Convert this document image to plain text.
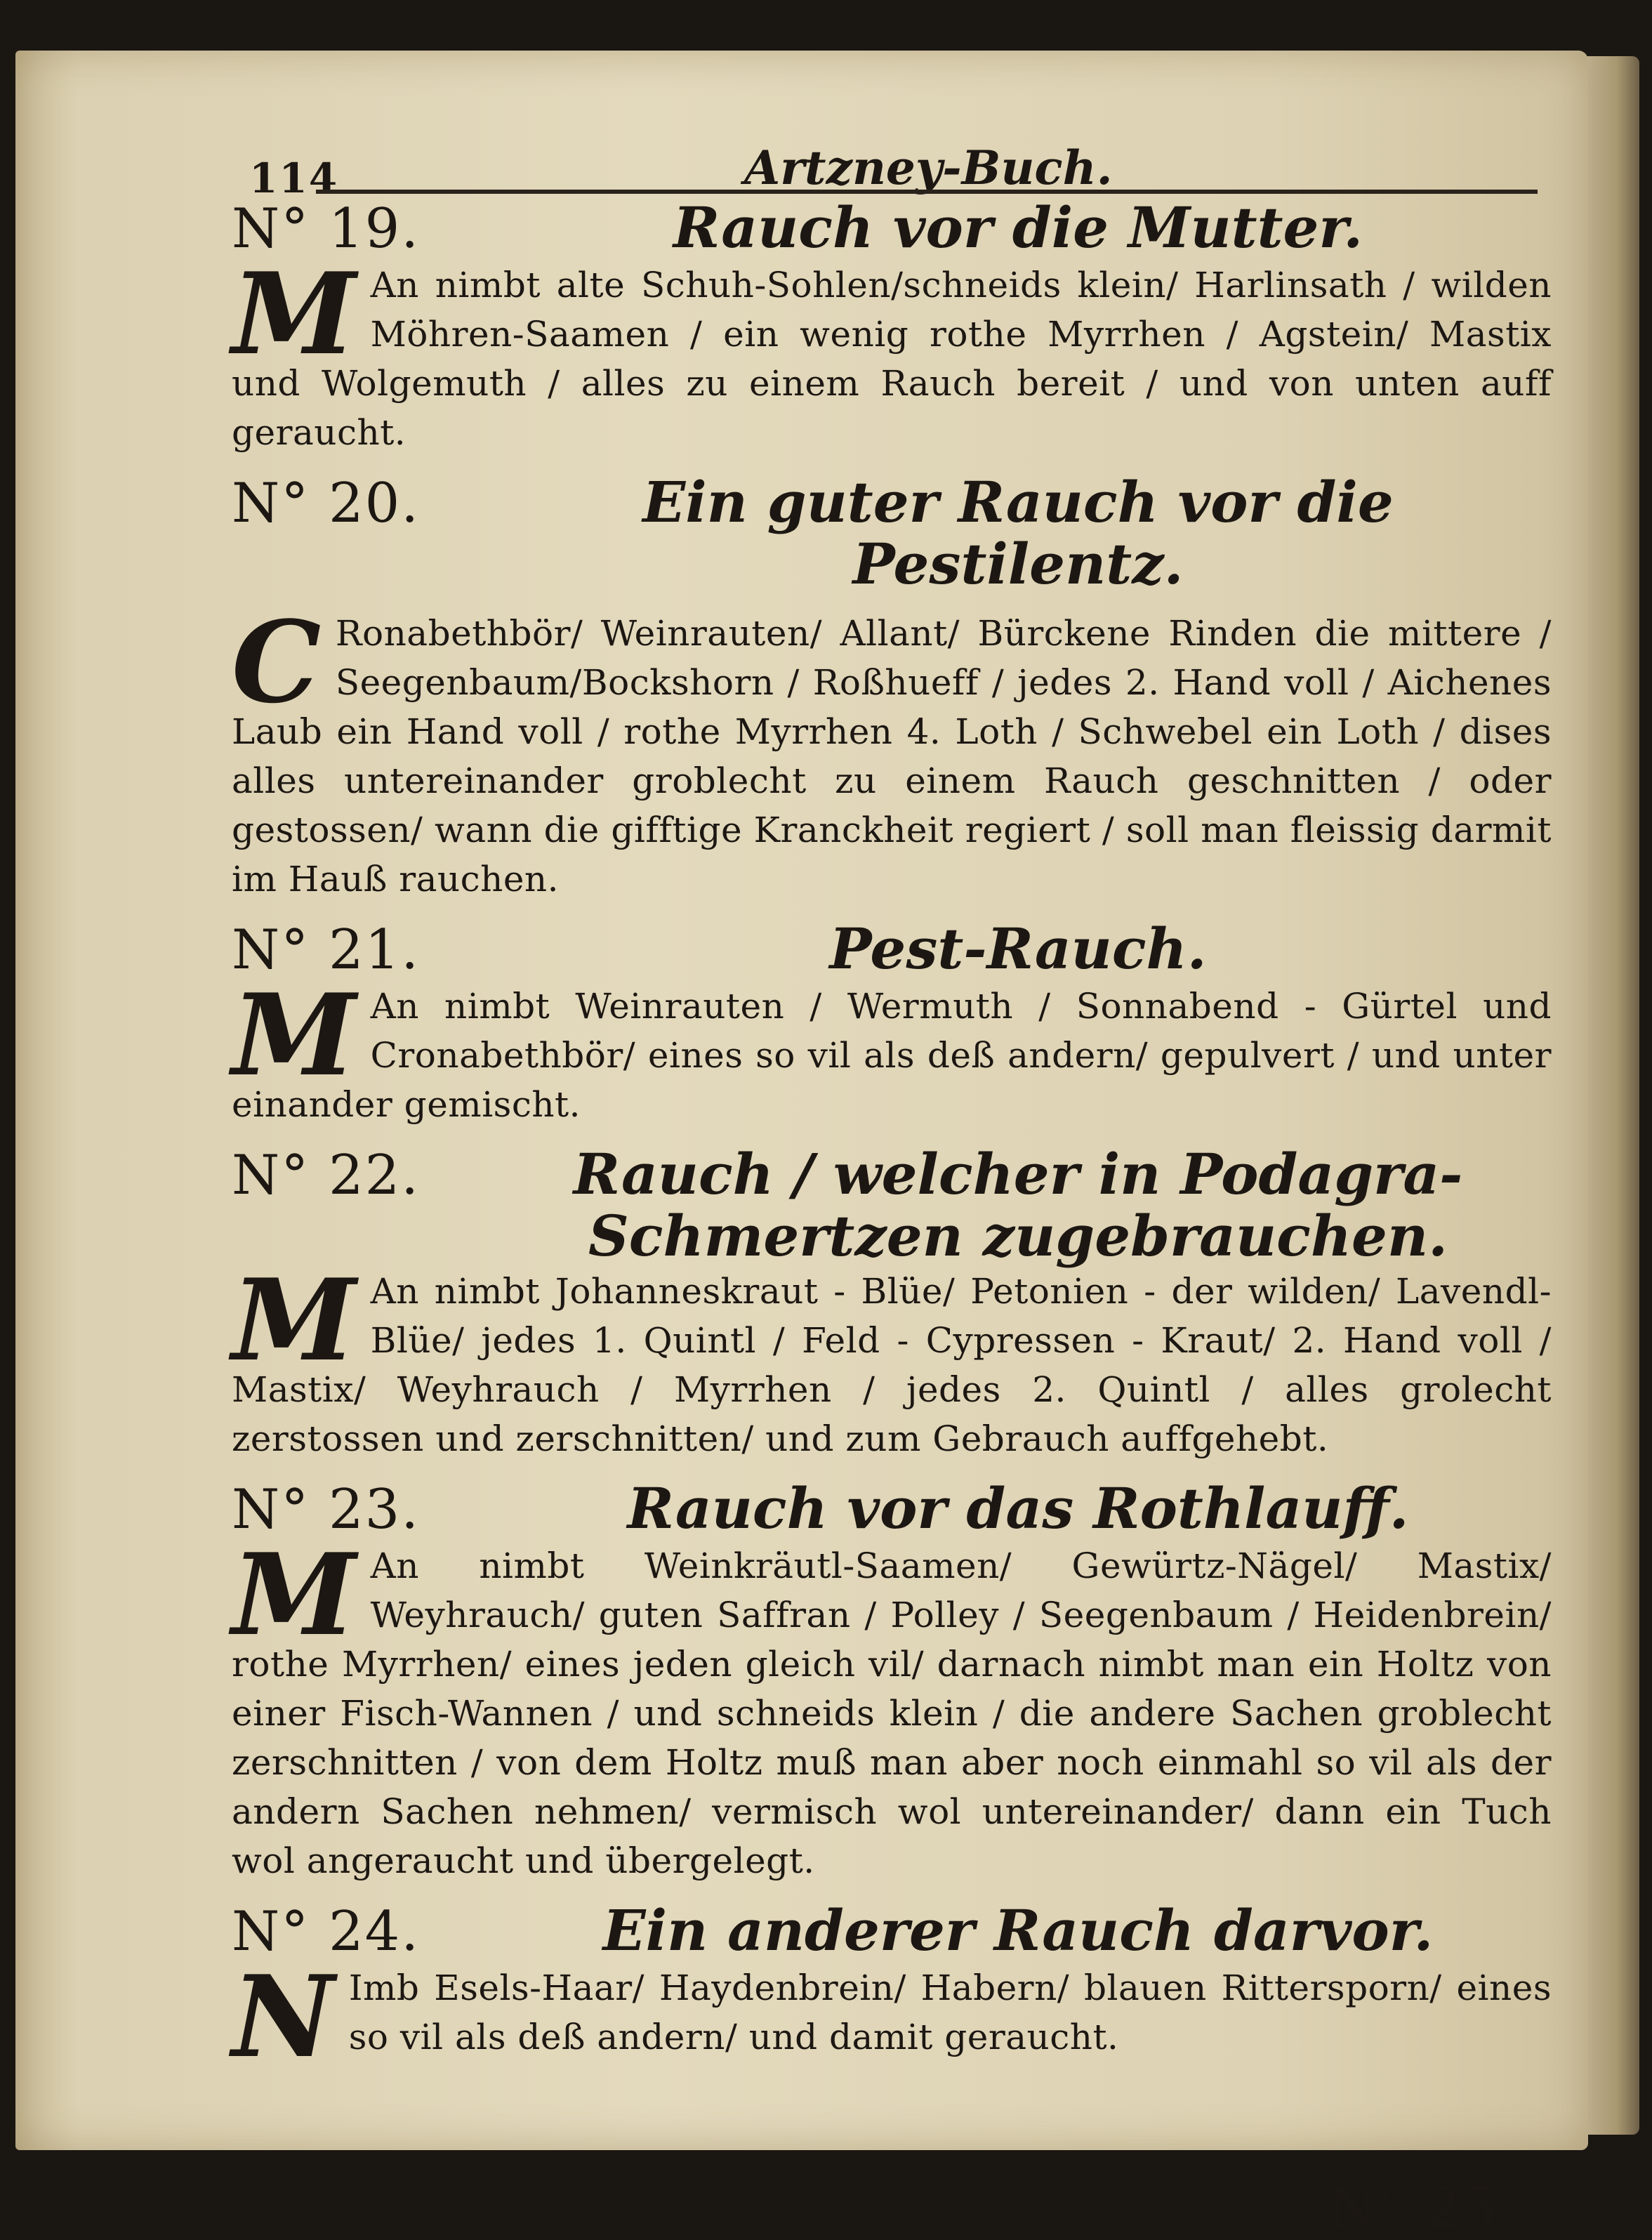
114	Artzney-Buch.
N° 19.	Rauch vor die Mutter.
M An nimbt alte Schuh-Sohlen/schneids klein/ Harlinsath / wilden Möhren-Saamen / ein wenig rothe Myrrhen / Agstein/ Mastix und Wolgemuth / alles zu einem Rauch bereit / und von unten auff geraucht.
N° 20.	Ein guter Rauch vor die Pestilentz.
C Ronabethbör/ Weinrauten/ Allant/ Bürckene Rinden die mittere / Seegenbaum/Bockshorn / Roßhueff / jedes 2. Hand voll / Aichenes Laub ein Hand voll / rothe Myrrhen 4. Loth / Schwebel ein Loth / dises alles untereinander groblecht zu einem Rauch geschnitten / oder gestossen/ wann die gifftige Kranckheit regiert / soll man fleissig darmit im Hauß rauchen.
N° 21.	Pest-Rauch.
M An nimbt Weinrauten / Wermuth / Sonnabend - Gürtel und Cronabethbör/ eines so vil als deß andern/ gepulvert / und unter einander gemischt.
N° 22.	Rauch / welcher in Podagra-Schmertzen zugebrauchen.
M An nimbt Johanneskraut - Blüe/ Petonien - der wilden/ Lavendl-Blüe/ jedes 1. Quintl / Feld - Cypressen - Kraut/ 2. Hand voll / Mastix/ Weyhrauch / Myrrhen / jedes 2. Quintl / alles grolecht zerstossen und zerschnitten/ und zum Gebrauch auffgehebt.
N° 23.	Rauch vor das Rothlauff.
M An nimbt Weinkräutl-Saamen/ Gewürtz-Nägel/ Mastix/ Weyhrauch/ guten Saffran / Polley / Seegenbaum / Heidenbrein/ rothe Myrrhen/ eines jeden gleich vil/ darnach nimbt man ein Holtz von einer Fisch-Wannen / und schneids klein / die andere Sachen groblecht zerschnitten / von dem Holtz muß man aber noch einmahl so vil als der andern Sachen nehmen/ vermisch wol untereinander/ dann ein Tuch wol angeraucht und übergelegt.
N° 24.	Ein anderer Rauch darvor.
N Imb Esels-Haar/ Haydenbrein/ Habern/ blauen Rittersporn/ eines so vil als deß andern/ und damit geraucht.
N° 25.
